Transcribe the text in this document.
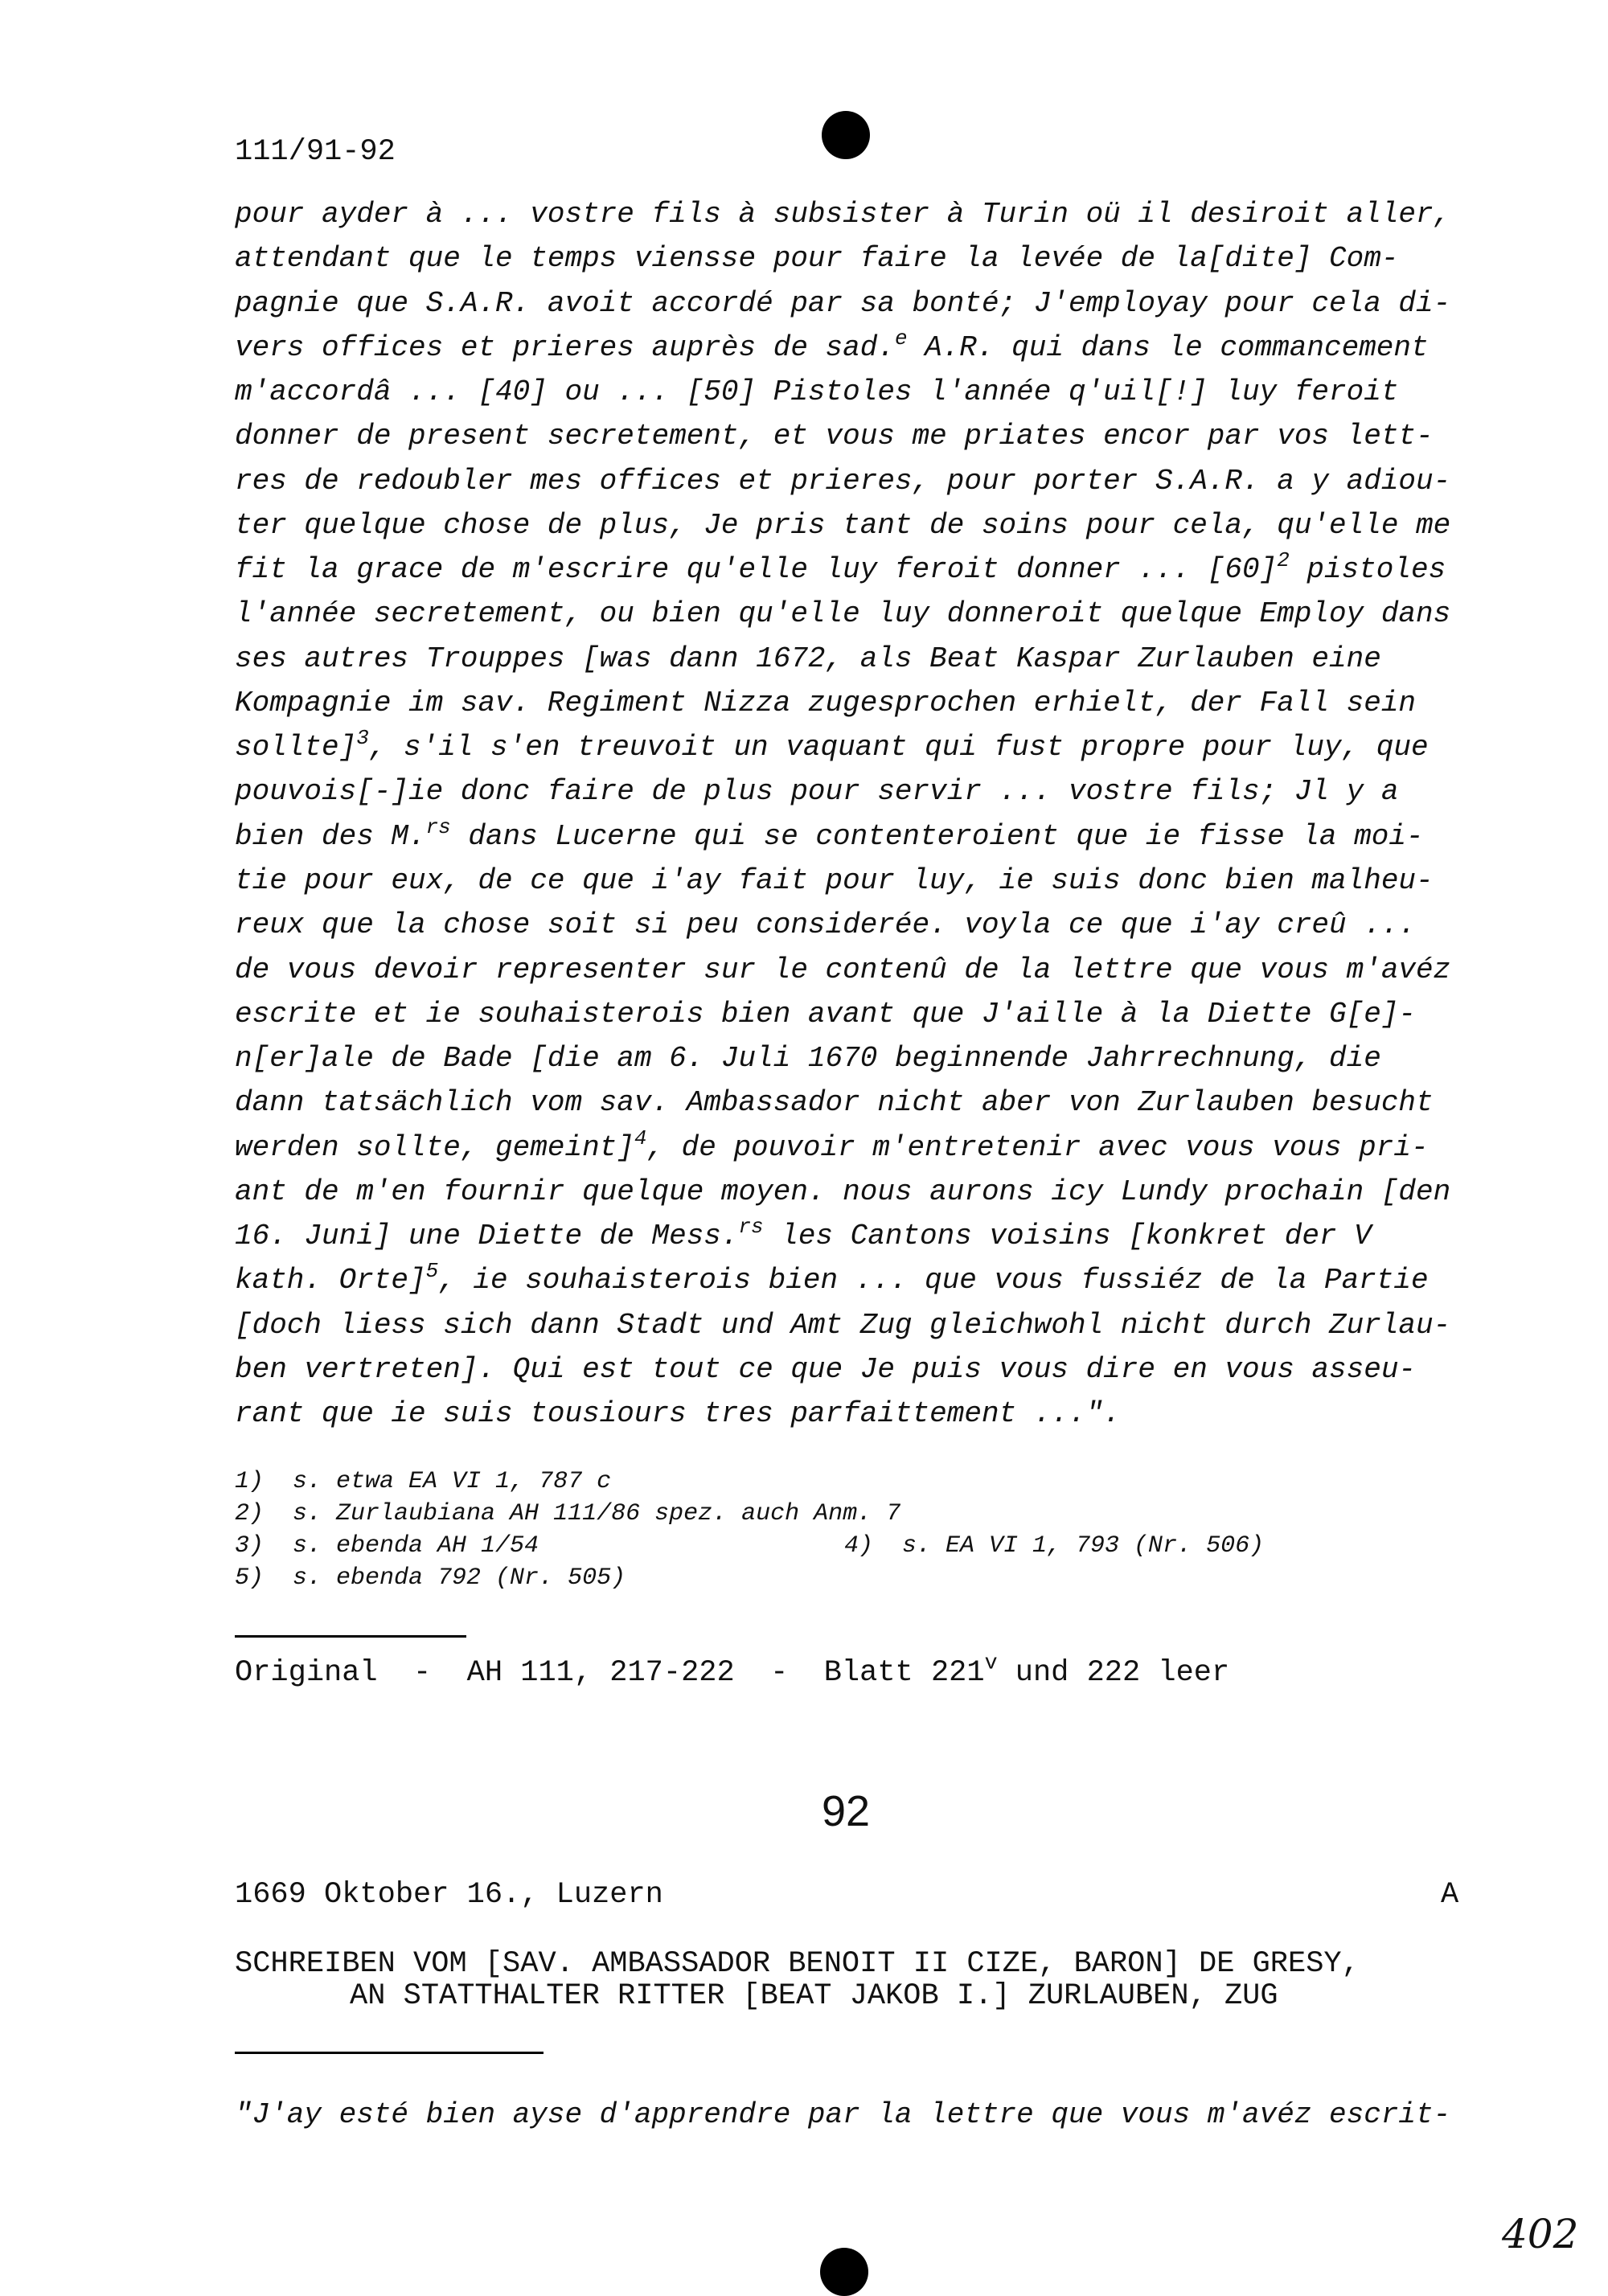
111/91-92
pour ayder à ... vostre fils à subsister à Turin oü il desiroit aller,
attendant que le temps viensse pour faire la levée de la[dite] Com-
pagnie que S.A.R. avoit accordé par sa bonté; J'employay pour cela di-
vers offices et prieres auprès de sad.$^e$ A.R. qui dans le commancement
m'accordâ ... [40] ou ... [50] Pistoles l'année q'uil[!] luy feroit
donner de present secretement, et vous me priates encor par vos lett-
res de redoubler mes offices et prieres, pour porter S.A.R. a y adiou-
ter quelque chose de plus, Je pris tant de soins pour cela, qu'elle me
fit la grace de m'escrire qu'elle luy feroit donner ... $[60]^2$ pistoles
l'année secretement, ou bien qu'elle luy donneroit quelque Employ dans
ses autres Trouppes [was dann 1672, als Beat Kaspar Zurlauben eine
Kompagnie im sav. Regiment Nizza zugesprochen erhielt, der Fall sein
sollte]$^3$, s'il s'en treuvoit un vaquant qui fust propre pour luy, que
pouvois[-]ie donc faire de plus pour servir ... vostre fils; Jl y a
bien des M.$^{rs}$ dans Lucerne qui se contenteroient que ie fisse la moi-
tie pour eux, de ce que i'ay fait pour luy, ie suis donc bien malheu-
reux que la chose soit si peu considerée. voyla ce que i'ay creû ...
de vous devoir representer sur le contenû de la lettre que vous m'avéz
escrite et ie souhaisterois bien avant que J'aille à la Diette G[e]-
n[er]ale de Bade [die am 6. Juli 1670 beginnende Jahrrechnung, die
dann tatsächlich vom sav. Ambassador nicht aber von Zurlauben besucht
werden sollte, gemeint]$^4$, de pouvoir m'entretenir avec vous vous pri-
ant de m'en fournir quelque moyen. nous aurons icy Lundy prochain [den
16. Juni] une Diette de Mess.$^{rs}$ les Cantons voisins [konkret der V
kath. Orte]$^5$, ie souhaisterois bien ... que vous fussiéz de la Partie
[doch liess sich dann Stadt und Amt Zug gleichwohl nicht durch Zurlau-
ben vertreten]. Qui est tout ce que Je puis vous dire en vous asseu-
rant que ie suis tousiours tres parfaittement ...".
1)  s. etwa EA VI 1, 787 c
2)  s. Zurlaubiana AH 111/86 spez. auch Anm. 7
3)  s. ebenda AH 1/54	4)  s. EA VI 1, 793 (Nr. 506)
5)  s. ebenda 792 (Nr. 505)
Original  -  AH 111, 217-222  -  Blatt 221$^v$ und 222 leer
92
1669 Oktober 16., Luzern	A
SCHREIBEN VOM [SAV. AMBASSADOR BENOIT II CIZE, BARON] DE GRESY,
AN STATTHALTER RITTER [BEAT JAKOB I.] ZURLAUBEN, ZUG
"J'ay esté bien ayse d'apprendre par la lettre que vous m'avéz escrit-
402
